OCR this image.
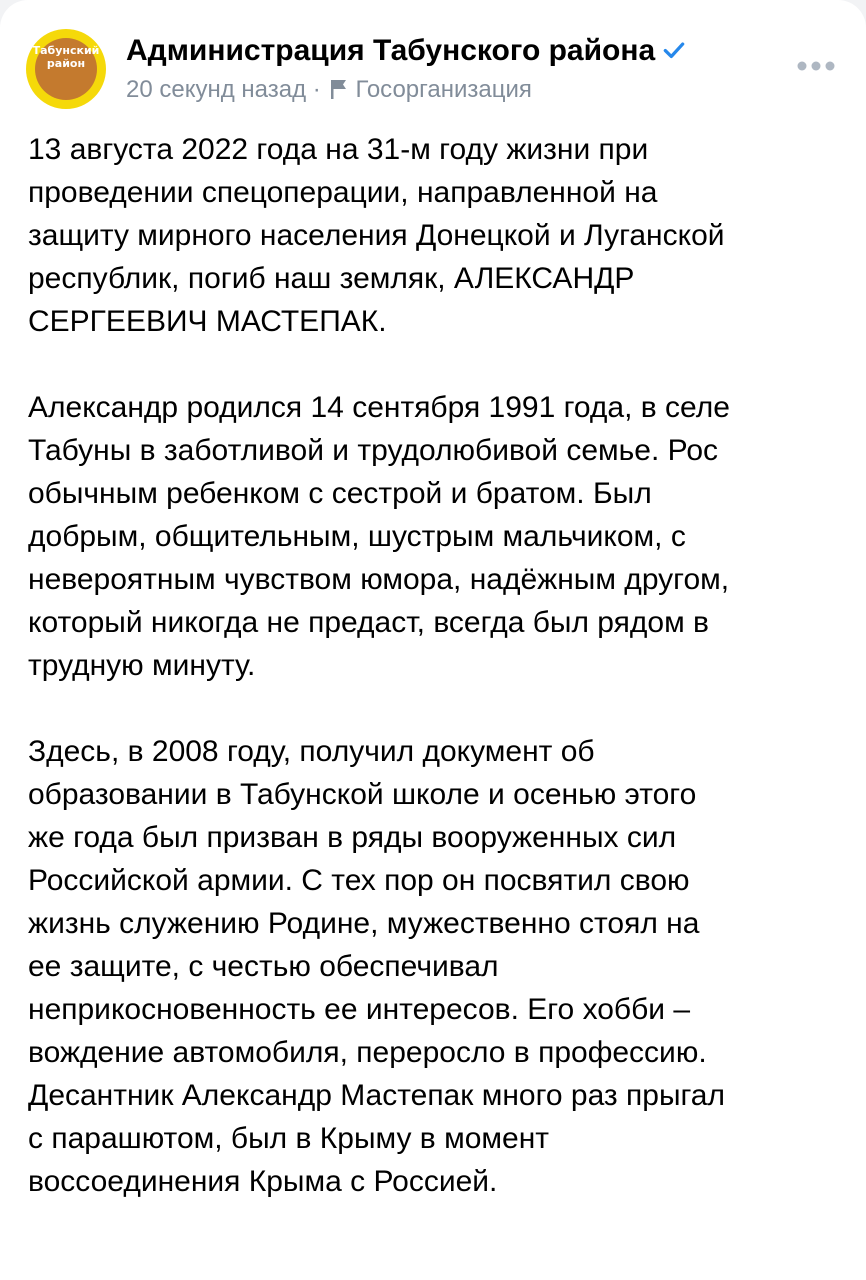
Табунский
район	Администрация Табунского района
20 секунд назад · Госорганизация

13 августа 2022 года на 31-м году жизни при
проведении спецоперации, направленной на
защиту мирного населения Донецкой и Луганской
республик, погиб наш земляк, АЛЕКСАНДР
СЕРГЕЕВИЧ МАСТЕПАК.

Александр родился 14 сентября 1991 года, в селе
Табуны в заботливой и трудолюбивой семье. Рос
обычным ребенком с сестрой и братом. Был
добрым, общительным, шустрым мальчиком, с
невероятным чувством юмора, надёжным другом,
который никогда не предаст, всегда был рядом в
трудную минуту.

Здесь, в 2008 году, получил документ об
образовании в Табунской школе и осенью этого
же года был призван в ряды вооруженных сил
Российской армии. С тех пор он посвятил свою
жизнь служению Родине, мужественно стоял на
ее защите, с честью обеспечивал
неприкосновенность ее интересов. Его хобби –
вождение автомобиля, переросло в профессию.
Десантник Александр Мастепак много раз прыгал
с парашютом, был в Крыму в момент
воссоединения Крыма с Россией.
